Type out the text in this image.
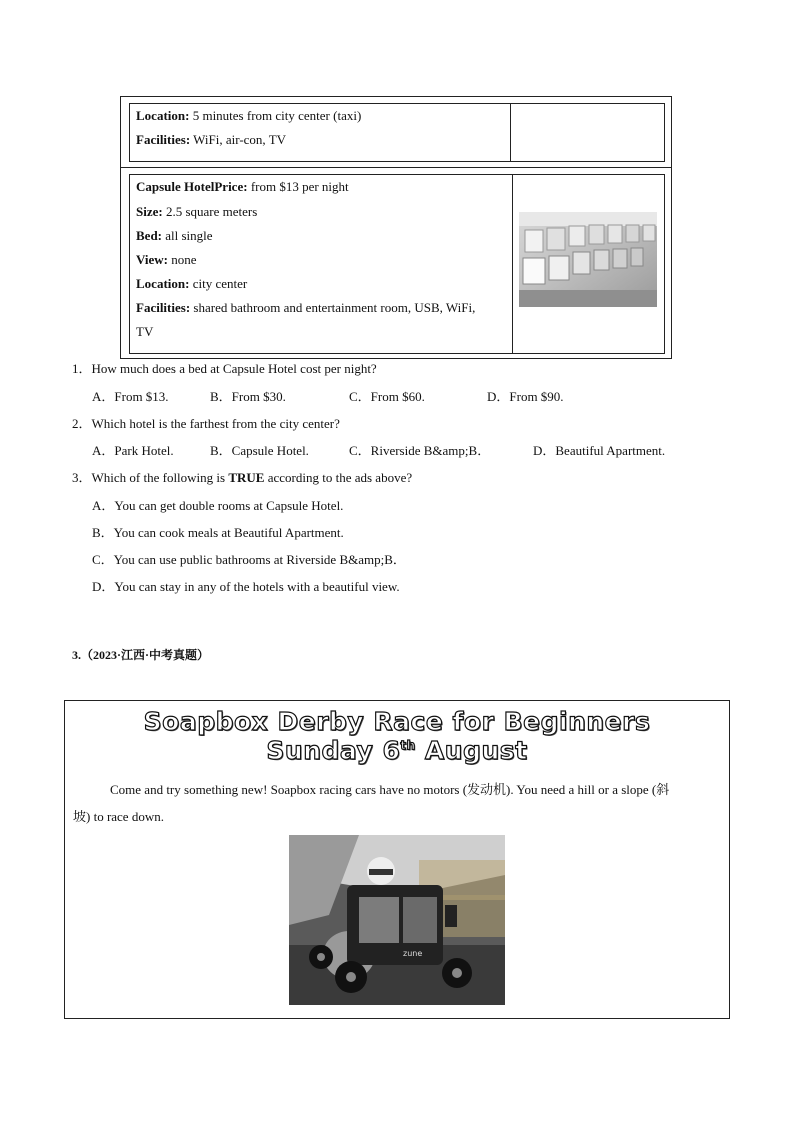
Location: 5 minutes from city center (taxi)
Facilities: WiFi, air-con, TV
Capsule HotelPrice: from $13 per night
Size: 2.5 square meters
Bed: all single
View: none
Location: city center
Facilities: shared bathroom and entertainment room, USB, WiFi,
TV
1．How much does a bed at Capsule Hotel cost per night?
A．From $13.	B．From $30.	C．From $60.	D．From $90.
2．Which hotel is the farthest from the city center?
A．Park Hotel.	B．Capsule Hotel.	C．Riverside B&amp;B．	D．Beautiful Apartment.
3．Which of the following is TRUE according to the ads above?
A．You can get double rooms at Capsule Hotel.
B．You can cook meals at Beautiful Apartment.
C．You can use public bathrooms at Riverside B&amp;B．
D．You can stay in any of the hotels with a beautiful view.
3.（2023·江西·中考真题）
Soapbox Derby Race for Beginners
Sunday 6th August
Come and try something new! Soapbox racing cars have no motors (发动机). You need a hill or a slope (斜
坡) to race down.
zune
